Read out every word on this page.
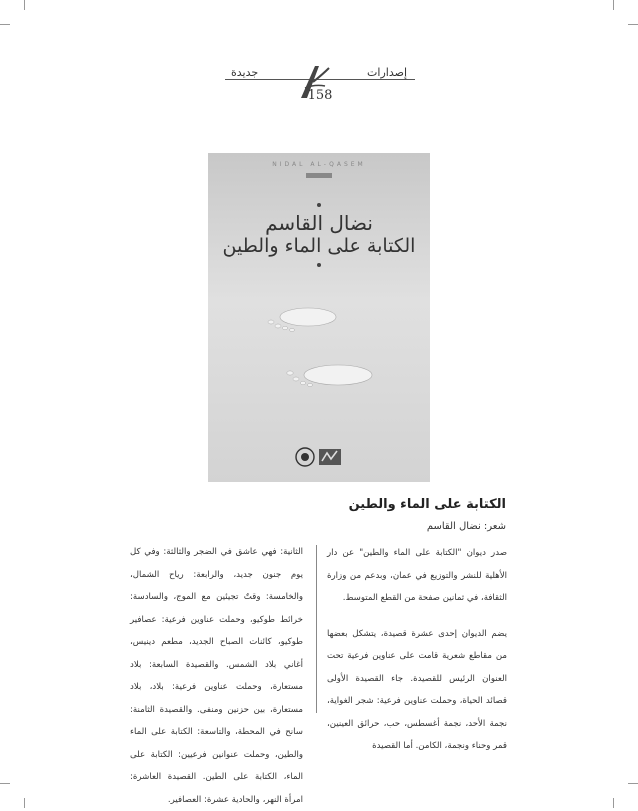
جديدة	إصدارات
158
NIDAL AL-QASEM
نضال القاسم
الكتابة على الماء والطين
الكتابة على الماء والطين
شعر: نضال القاسم

صدر ديوان "الكتابة على الماء والطين" عن دار الأهلية للنشر والتوزيع في عمان، وبدعم من وزارة الثقافة، في ثمانين صفحة من القطع المتوسط.

يضم الديوان إحدى عشرة قصيدة، يتشكل بعضها من مقاطع شعرية قامت على عناوين فرعية تحت العنوان الرئيس للقصيدة. جاء القصيدة الأولى قصائد الحياة، وحملت عناوين فرعية: شجر الغواية، نجمة الأحد، نجمة أغسطس، حب، حرائق العينين، قمر وحناء ونجمة، الكامن. أما القصيدة

الثانية: فهي عاشق في الضجر والثالثة: وفي كل يوم جنون جديد، والرابعة: رياح الشمال، والخامسة: وقتٌ تجيئين مع الموج، والسادسة: خرائط طوكيو، وحملت عناوين فرعية: عصافير طوكيو، كائنات الصباح الجديد، مطعم دينيس، أغاني بلاد الشمس. والقصيدة السابعة: بلاد مستعارة، وحملت عناوين فرعية: بلاد، بلاد مستعارة، بين حزنين ومنفى. والقصيدة الثامنة: سانح في المحطة، والتاسعة: الكتابة على الماء والطين، وحملت عنوانين فرعيين: الكتابة على الماء، الكتابة على الطين. القصيدة العاشرة: امرأة النهر، والحادية عشرة: العصافير.
